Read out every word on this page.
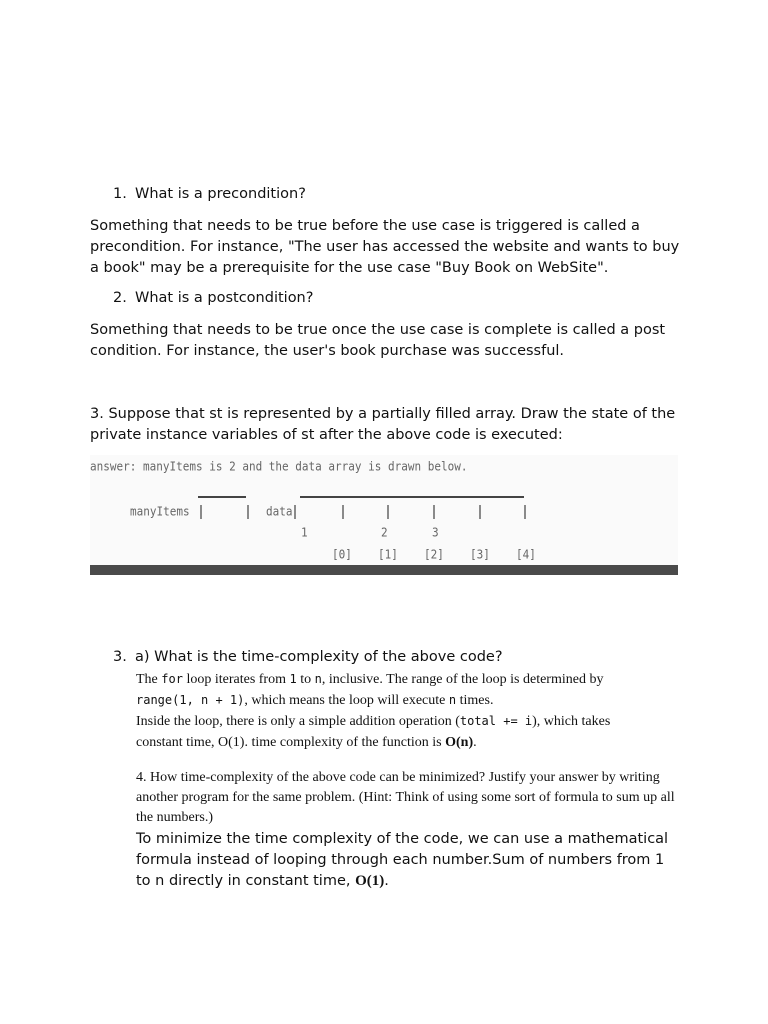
1. What is a precondition?
Something that needs to be true before the use case is triggered is called a precondition. For instance, "The user has accessed the website and wants to buy a book" may be a prerequisite for the use case "Buy Book on WebSite".
2. What is a postcondition?
Something that needs to be true once the use case is complete is called a post condition. For instance, the user's book purchase was successful.
3. Suppose that st is represented by a partially filled array. Draw the state of the private instance variables of st after the above code is executed:
answer: manyItems is 2 and the data array is drawn below.
manyItems	data
1	2	3
[0] [1] [2] [3] [4]
3. a) What is the time-complexity of the above code?
The for loop iterates from 1 to n, inclusive. The range of the loop is determined by
range(1, n + 1), which means the loop will execute n times.
Inside the loop, there is only a simple addition operation (total += i), which takes
constant time, O(1). time complexity of the function is O(n).
4. How time-complexity of the above code can be minimized? Justify your answer by writing another program for the same problem. (Hint: Think of using some sort of formula to sum up all the numbers.)
To minimize the time complexity of the code, we can use a mathematical formula instead of looping through each number.Sum of numbers from 1 to n directly in constant time, O(1).
